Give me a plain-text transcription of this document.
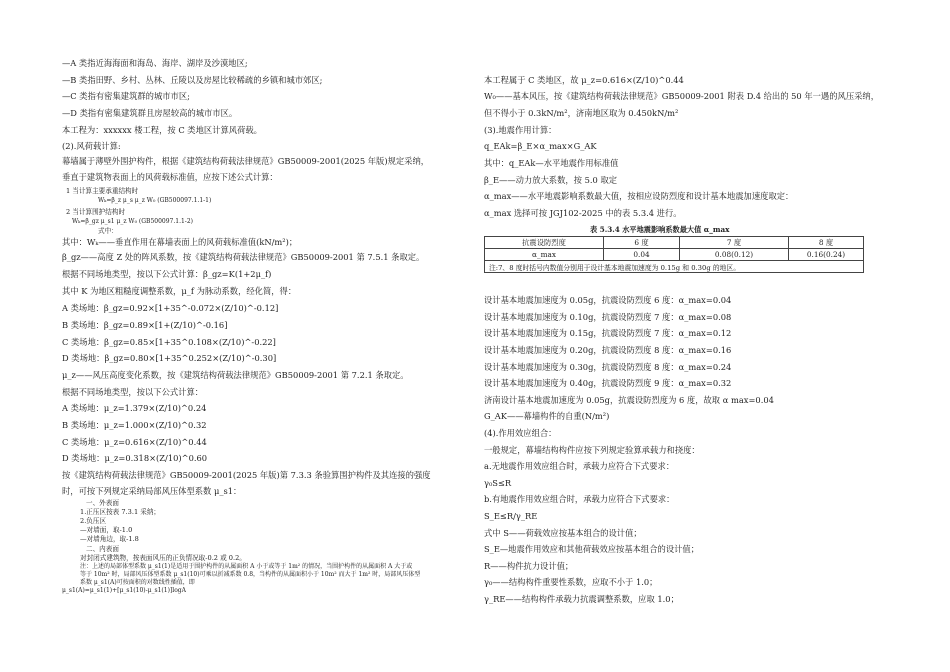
—A 类指近海海面和海岛、海岸、湖岸及沙漠地区;
—B 类指田野、乡村、丛林、丘陵以及房屋比较稀疏的乡镇和城市郊区;
—C 类指有密集建筑群的城市市区;
—D 类指有密集建筑群且房屋较高的城市市区。
本工程为：xxxxxx 楼工程，按 C 类地区计算风荷载。
(2).风荷载计算:
幕墙属于薄壁外围护构件，根据《建筑结构荷载法律规范》GB50009-2001(2025 年版)规定采纳，
垂直于建筑物表面上的风荷载标准值，应按下述公式计算：
1 当计算主要承重结构时
Wₖ=β_z μ_s μ_z W₀ (GB500097.1.1-1)
2 当计算围护结构时
Wₖ=β_gz μ_s1 μ_z W₀ (GB500097.1.1-2)
式中：
其中：Wₖ——垂直作用在幕墙表面上的风荷载标准值(kN/m²)；
β_gz——高度 Z 处的阵风系数，按《建筑结构荷载法律规范》GB50009-2001 第 7.5.1 条取定。
根据不同场地类型，按以下公式计算：β_gz=K(1+2μ_f)
其中 K 为地区粗糙度调整系数，μ_f 为脉动系数，经化简，得：
A 类场地：β_gz=0.92×[1+35^-0.072×(Z/10)^-0.12]
B 类场地：β_gz=0.89×[1+(Z/10)^-0.16]
C 类场地：β_gz=0.85×[1+35^0.108×(Z/10)^-0.22]
D 类场地：β_gz=0.80×[1+35^0.252×(Z/10)^-0.30]
μ_z——风压高度变化系数，按《建筑结构荷载法律规范》GB50009-2001 第 7.2.1 条取定。
根据不同场地类型，按以下公式计算：
A 类场地：μ_z=1.379×(Z/10)^0.24
B 类场地：μ_z=1.000×(Z/10)^0.32
C 类场地：μ_z=0.616×(Z/10)^0.44
D 类场地：μ_z=0.318×(Z/10)^0.60
按《建筑结构荷载法律规范》GB50009-2001(2025 年版)第 7.3.3 条验算围护构件及其连接的强度
时，可按下列规定采纳局部风压体型系数 μ_s1：
一、外表面
1.正压区按表 7.3.1 采纳；
2.负压区
—对墙面，取-1.0
—对墙角边，取-1.8
二、内表面
对封闭式建筑物，按表面风压的正负情况取-0.2 或 0.2。
注：上述的局部体型系数 μ_s1(1)是适用于围护构件的从属面积 A 小于或等于 1m² 的情况，当围护构件的从属面积 A 大于或
等于 10m² 时，局部风压体型系数 μ_s1(10)可乘以折减系数 0.8，当构件的从属面积小于 10m² 而大于 1m² 时，局部风压体型
系数 μ_s1(A)可按面积的对数线性插值，即
μ_s1(A)=μ_s1(1)+[μ_s1(10)-μ_s1(1)]logA
本工程属于 C 类地区，故 μ_z=0.616×(Z/10)^0.44
W₀——基本风压，按《建筑结构荷载法律规范》GB50009-2001 附表 D.4 给出的 50 年一遇的风压采纳，
但不得小于 0.3kN/m²，济南地区取为 0.450kN/m²
(3).地震作用计算：
q_EAk=β_E×α_max×G_AK
其中：q_EAk—水平地震作用标准值
β_E——动力放大系数，按 5.0 取定
α_max——水平地震影响系数最大值，按相应设防烈度和设计基本地震加速度取定：
α_max 选择可按 JGJ102-2025 中的表 5.3.4 进行。
设计基本地震加速度为 0.05g，抗震设防烈度 6 度：α_max=0.04
设计基本地震加速度为 0.10g，抗震设防烈度 7 度：α_max=0.08
设计基本地震加速度为 0.15g，抗震设防烈度 7 度：α_max=0.12
设计基本地震加速度为 0.20g，抗震设防烈度 8 度：α_max=0.16
设计基本地震加速度为 0.30g，抗震设防烈度 8 度：α_max=0.24
设计基本地震加速度为 0.40g，抗震设防烈度 9 度：α_max=0.32
济南设计基本地震加速度为 0.05g，抗震设防烈度为 6 度，故取 α max=0.04
G_AK——幕墙构件的自重(N/m²)
(4).作用效应组合：
一般规定，幕墙结构构件应按下列规定验算承载力和挠度：
a.无地震作用效应组合时，承载力应符合下式要求：
γ₀S≤R
b.有地震作用效应组合时，承载力应符合下式要求：
S_E≤R/γ_RE
式中 S——荷载效应按基本组合的设计值；
S_E—地震作用效应和其他荷载效应按基本组合的设计值；
R——构件抗力设计值；
γ₀——结构构件重要性系数，应取不小于 1.0；
γ_RE——结构构件承载力抗震调整系数，应取 1.0；
表 5.3.4 水平地震影响系数最大值 α_max
抗震设防烈度	6 度	7 度	8 度
α_max	0.04	0.08(0.12)	0.16(0.24)
注:7、8 度时括号内数值分别用于设计基本地震加速度为 0.15g 和 0.30g 的地区。			
